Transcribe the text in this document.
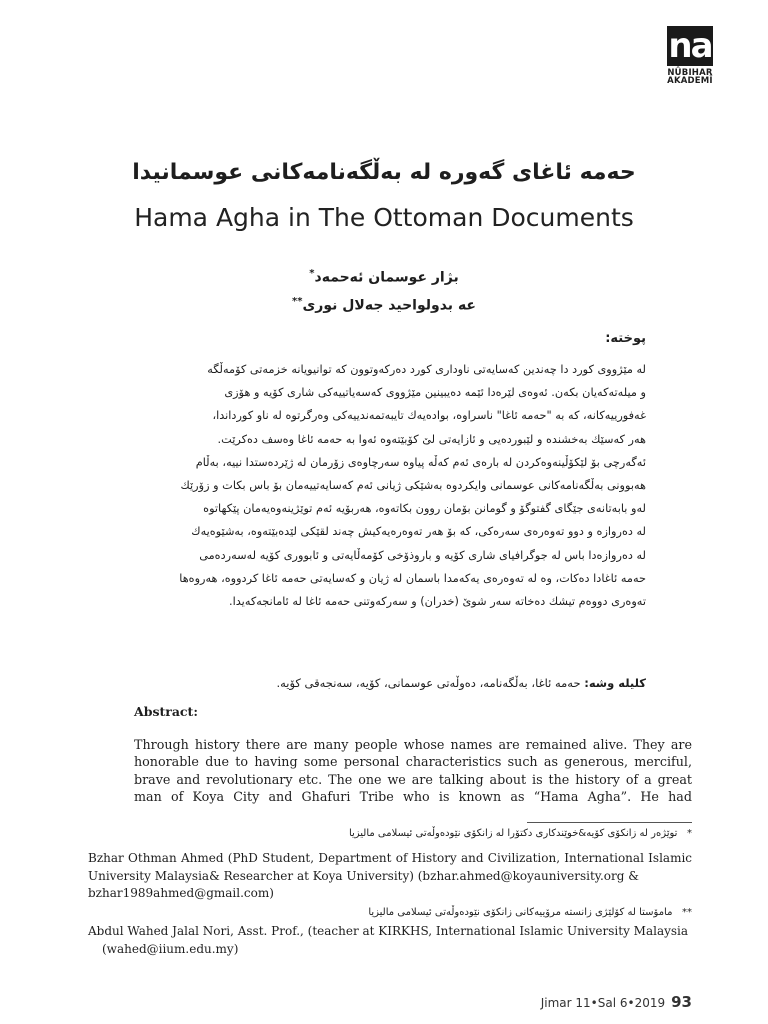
na
NÛBIHAR
AKADEMÎ
حەمە ئاغای گەورە لە بەڵگەنامەکانی عوسمانیدا
Hama Agha in The Ottoman Documents
بژار عوسمان ئەحمەد*
عە بدولواحید جەلال نوری**
پوختە:

لە مێژووی کورد دا چەندین کەسایەتی ناوداری کورد دەرکەوتوون کە توانیویانە خزمەتی کۆمەڵگە

و میلەتەکەیان بکەن. ئەوەی لێرەدا ئێمە دەیبینین مێژووی کەسەیاتییەکی شاری کۆیە و هۆزی

غەفورییەکانە، کە بە "حەمە ئاغا" ناسراوە، بوادەیەك تایبەتمەندییەکی وەرگرتوە لە ناو کورداندا،

هەر کەسێك بەخشندە و لێبوردەیی و ئازایەتی لێ کۆبێتەوە ئەوا بە حەمە ئاغا وەسف دەکرێت.

ئەگەرچی بۆ لێکۆڵینەوەکردن لە بارەی ئەم کەڵە پیاوە سەرچاوەی زۆرمان لە ژێردەستدا نییە، بەڵام

هەبوونی بەڵگەنامەکانی عوسمانی وایکردوە بەشێکی ژیانی ئەم کەسایەتییەمان بۆ باس بکات و زۆرێك

لەو بابەتانەی جێگای گفتوگۆ و گومانن بۆمان روون بکاتەوە، هەربۆیە ئەم توێژینەوەیەمان پێکهاتوە

لە دەروازە و دوو تەوەرەی سەرەکی، کە بۆ هەر تەوەرەیەکیش چەند لقێکی لێدەبێتەوە، بەشێوەیەك

لە دەروازەدا باس لە جوگرافیای شاری کۆیە و باروذۆخی کۆمەڵایەتی و ئابووری کۆیە لەسەردەمی

حەمە ئاغادا دەکات، وە لە تەوەرەی یەکەمدا باسمان لە ژیان و کەسایەتی حەمە ئاغا کردووە، هەروەها

تەوەری دووەم تیشك دەخاتە سەر شوێ (خدران) و سەرکەوتنی حەمە ئاغا لە ئامانجەکەیدا.

کلیلە وشە: حەمە ئاغا، بەڵگەنامە، دەوڵەتی عوسمانی، کۆیە، سەنجەقی کۆیە.
Abstract:

Through history there are many people whose names are remained alive. They are honorable due to having some personal characteristics such as generous, merciful, brave and revolutionary etc. The one we are talking about is the history of a great man of Koya City and Ghafuri Tribe who is known as “Hama Agha”. He had

*   توێژەر لە زانکۆی کۆیە&خوێندکاری دکتۆرا لە زانکۆی نێودەوڵەتی ئیسلامی مالیزیا

Bzhar Othman Ahmed (PhD Student, Department of History and Civilization, International Islamic University Malaysia& Researcher at Koya University) (bzhar.ahmed@koyauniversity.org &
bzhar1989ahmed@gmail.com)

**   مامۆستا لە کۆلێژی زانستە مرۆییەکانی زانکۆی نێودەوڵەتی ئیسلامی مالیزیا

Abdul Wahed Jalal Nori, Asst. Prof., (teacher at KIRKHS, International Islamic University Malaysia
(wahed@iium.edu.my)

Jimar 11•Sal 6•2019 93
